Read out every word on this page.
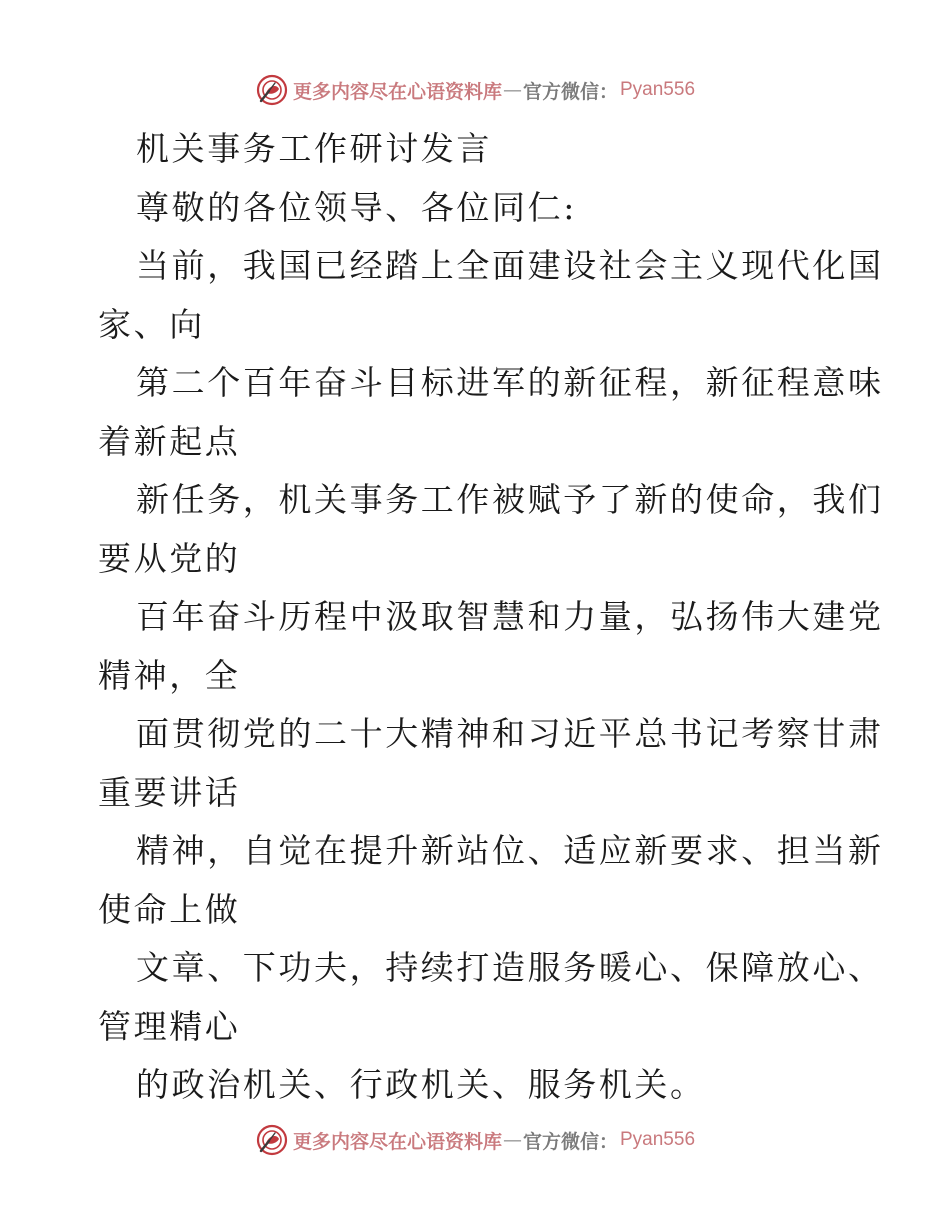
更多内容尽在心语资料库 — 官方微信： Pyan556
机关事务工作研讨发言
尊敬的各位领导、各位同仁:
当前，我国已经踏上全面建设社会主义现代化国
家、向
第二个百年奋斗目标进军的新征程，新征程意味
着新起点
新任务，机关事务工作被赋予了新的使命，我们
要从党的
百年奋斗历程中汲取智慧和力量，弘扬伟大建党
精神，全
面贯彻党的二十大精神和习近平总书记考察甘肃
重要讲话
精神，自觉在提升新站位、适应新要求、担当新
使命上做
文章、下功夫，持续打造服务暖心、保障放心、
管理精心
的政治机关、行政机关、服务机关。
更多内容尽在心语资料库 — 官方微信： Pyan556
